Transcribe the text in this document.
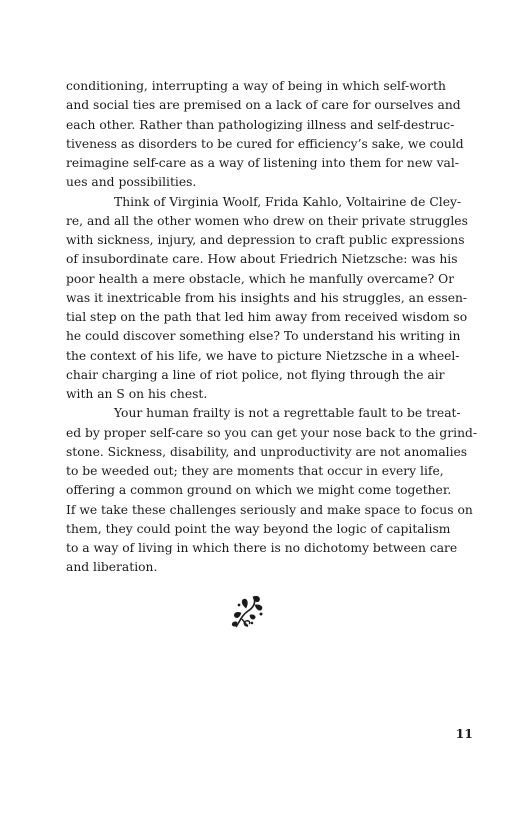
conditioning, interrupting a way of being in which self-worth
and social ties are premised on a lack of care for ourselves and
each other. Rather than pathologizing illness and self-destruc-
tiveness as disorders to be cured for efficiency’s sake, we could
reimagine self-care as a way of listening into them for new val-
ues and possibilities.
Think of Virginia Woolf, Frida Kahlo, Voltairine de Cley-
re, and all the other women who drew on their private struggles
with sickness, injury, and depression to craft public expressions
of insubordinate care. How about Friedrich Nietzsche: was his
poor health a mere obstacle, which he manfully overcame? Or
was it inextricable from his insights and his struggles, an essen-
tial step on the path that led him away from received wisdom so
he could discover something else? To understand his writing in
the context of his life, we have to picture Nietzsche in a wheel-
chair charging a line of riot police, not flying through the air
with an S on his chest.
Your human frailty is not a regrettable fault to be treat-
ed by proper self-care so you can get your nose back to the grind-
stone. Sickness, disability, and unproductivity are not anomalies
to be weeded out; they are moments that occur in every life,
offering a common ground on which we might come together.
If we take these challenges seriously and make space to focus on
them, they could point the way beyond the logic of capitalism
to a way of living in which there is no dichotomy between care
and liberation.
11
